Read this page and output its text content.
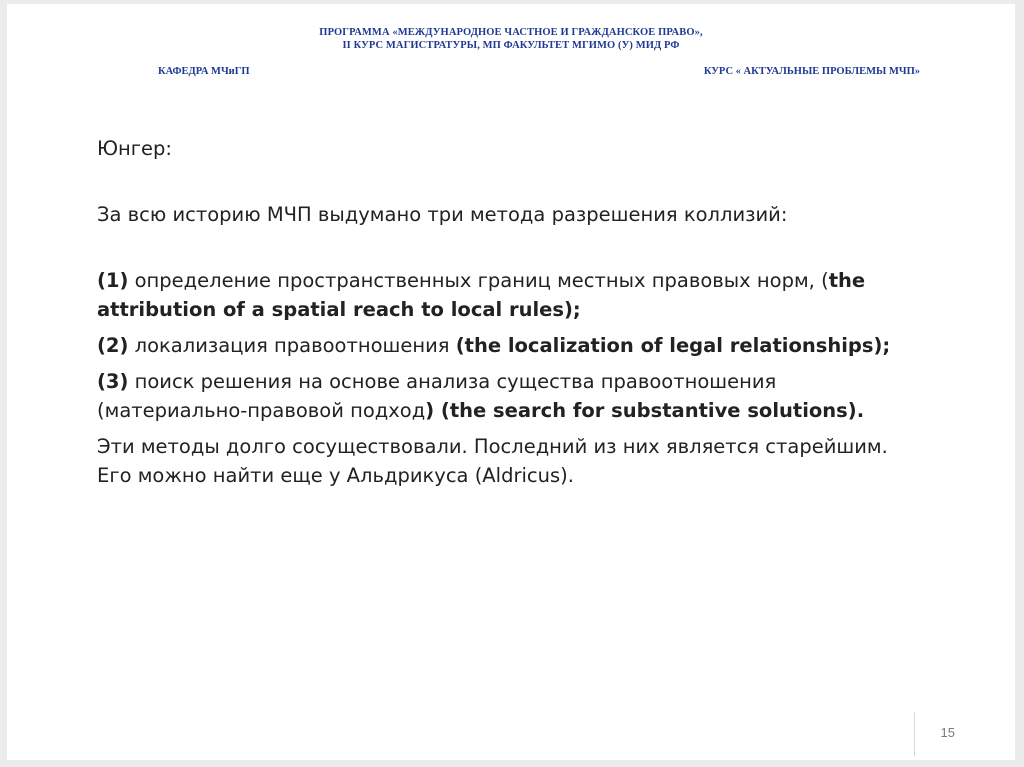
ПРОГРАММА «МЕЖДУНАРОДНОЕ ЧАСТНОЕ И ГРАЖДАНСКОЕ ПРАВО»,
II КУРС МАГИСТРАТУРЫ, МП ФАКУЛЬТЕТ МГИМО (У) МИД РФ
КАФЕДРА МЧиГП	КУРС « АКТУАЛЬНЫЕ ПРОБЛЕМЫ МЧП»

Юнгер:

За всю историю МЧП выдумано три метода разрешения коллизий:

(1) определение пространственных границ местных правовых норм, (the attribution of a spatial reach to local rules);

(2) локализация правоотношения (the localization of legal relationships);

(3) поиск решения на основе анализа существа правоотношения (материально-правовой подход) (the search for substantive solutions).

Эти методы долго сосуществовали. Последний из них является старейшим. Его можно найти еще у Альдрикуса (Aldricus).

15
